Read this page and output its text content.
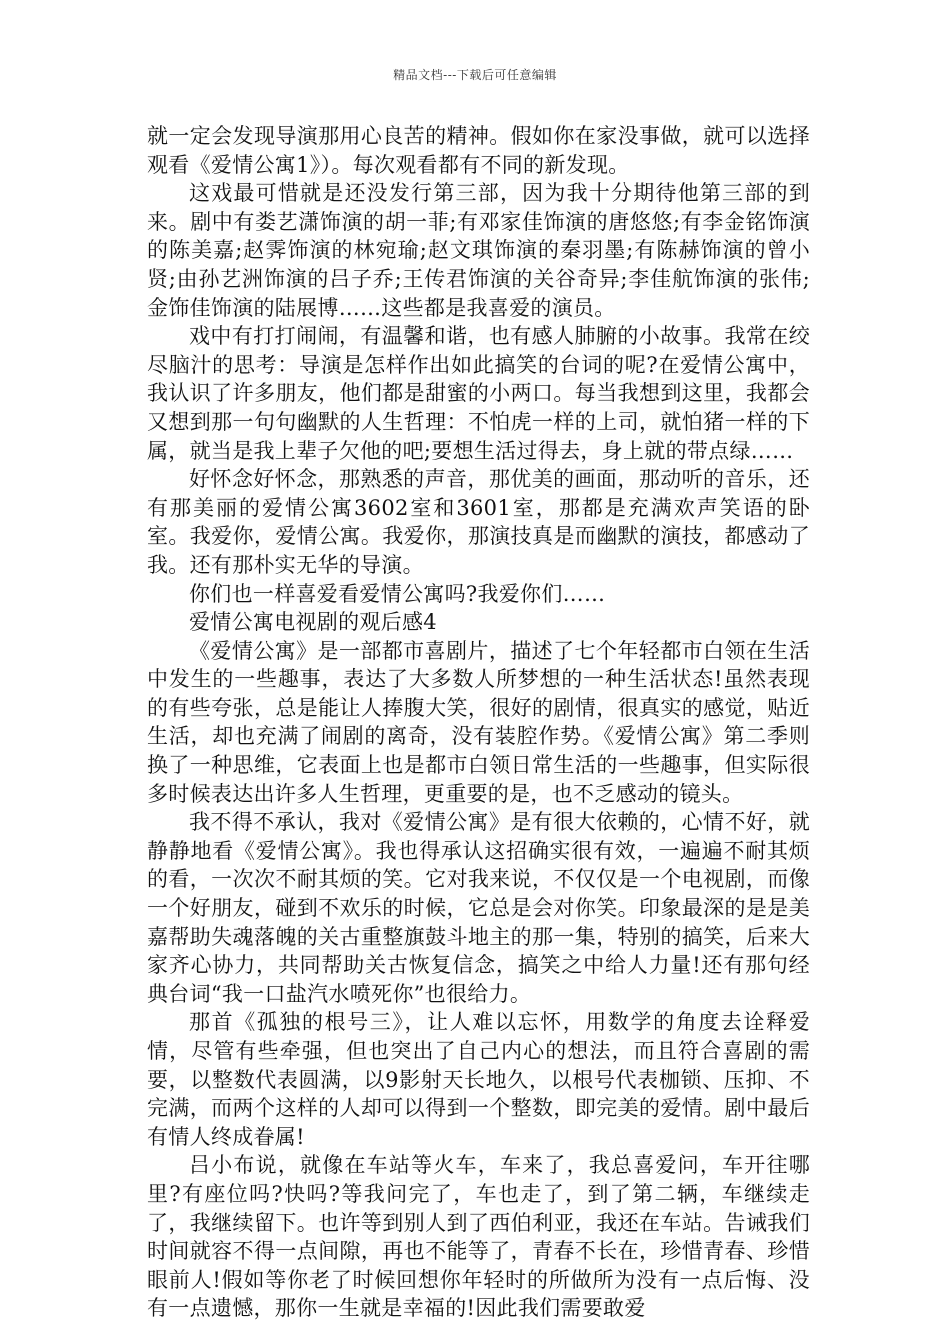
精品文档---下载后可任意编辑

就一定会发现导演那用心良苦的精神。假如你在家没事做，就可以选择观看《爱情公寓1》）。每次观看都有不同的新发现。

这戏最可惜就是还没发行第三部，因为我十分期待他第三部的到来。剧中有娄艺潇饰演的胡一菲;有邓家佳饰演的唐悠悠;有李金铭饰演的陈美嘉;赵霁饰演的林宛瑜;赵文琪饰演的秦羽墨;有陈赫饰演的曾小贤;由孙艺洲饰演的吕子乔;王传君饰演的关谷奇异;李佳航饰演的张伟;金饰佳饰演的陆展博……这些都是我喜爱的演员。

戏中有打打闹闹，有温馨和谐，也有感人肺腑的小故事。我常在绞尽脑汁的思考：导演是怎样作出如此搞笑的台词的呢?在爱情公寓中，我认识了许多朋友，他们都是甜蜜的小两口。每当我想到这里，我都会又想到那一句句幽默的人生哲理：不怕虎一样的上司，就怕猪一样的下属，就当是我上辈子欠他的吧;要想生活过得去，身上就的带点绿……

好怀念好怀念，那熟悉的声音，那优美的画面，那动听的音乐，还有那美丽的爱情公寓3602室和3601室，那都是充满欢声笑语的卧室。我爱你，爱情公寓。我爱你，那演技真是而幽默的演技，都感动了我。还有那朴实无华的导演。

你们也一样喜爱看爱情公寓吗?我爱你们……

爱情公寓电视剧的观后感4

《爱情公寓》是一部都市喜剧片，描述了七个年轻都市白领在生活中发生的一些趣事，表达了大多数人所梦想的一种生活状态!虽然表现的有些夸张，总是能让人捧腹大笑，很好的剧情，很真实的感觉，贴近生活，却也充满了闹剧的离奇，没有装腔作势。《爱情公寓》第二季则换了一种思维，它表面上也是都市白领日常生活的一些趣事，但实际很多时候表达出许多人生哲理，更重要的是，也不乏感动的镜头。

我不得不承认，我对《爱情公寓》是有很大依赖的，心情不好，就静静地看《爱情公寓》。我也得承认这招确实很有效，一遍遍不耐其烦的看，一次次不耐其烦的笑。它对我来说，不仅仅是一个电视剧，而像一个好朋友，碰到不欢乐的时候，它总是会对你笑。印象最深的是是美嘉帮助失魂落魄的关古重整旗鼓斗地主的那一集，特别的搞笑，后来大家齐心协力，共同帮助关古恢复信念，搞笑之中给人力量!还有那句经典台词“我一口盐汽水喷死你”也很给力。

那首《孤独的根号三》，让人难以忘怀，用数学的角度去诠释爱情，尽管有些牵强，但也突出了自己内心的想法，而且符合喜剧的需要，以整数代表圆满，以9影射天长地久，以根号代表枷锁、压抑、不完满，而两个这样的人却可以得到一个整数，即完美的爱情。剧中最后有情人终成眷属!

吕小布说，就像在车站等火车，车来了，我总喜爱问，车开往哪里?有座位吗?快吗?等我问完了，车也走了，到了第二辆，车继续走了，我继续留下。也许等到别人到了西伯利亚，我还在车站。告诫我们时间就容不得一点间隙，再也不能等了，青春不长在，珍惜青春、珍惜眼前人!假如等你老了时候回想你年轻时的所做所为没有一点后悔、没有一点遗憾，那你一生就是幸福的!因此我们需要敢爱
